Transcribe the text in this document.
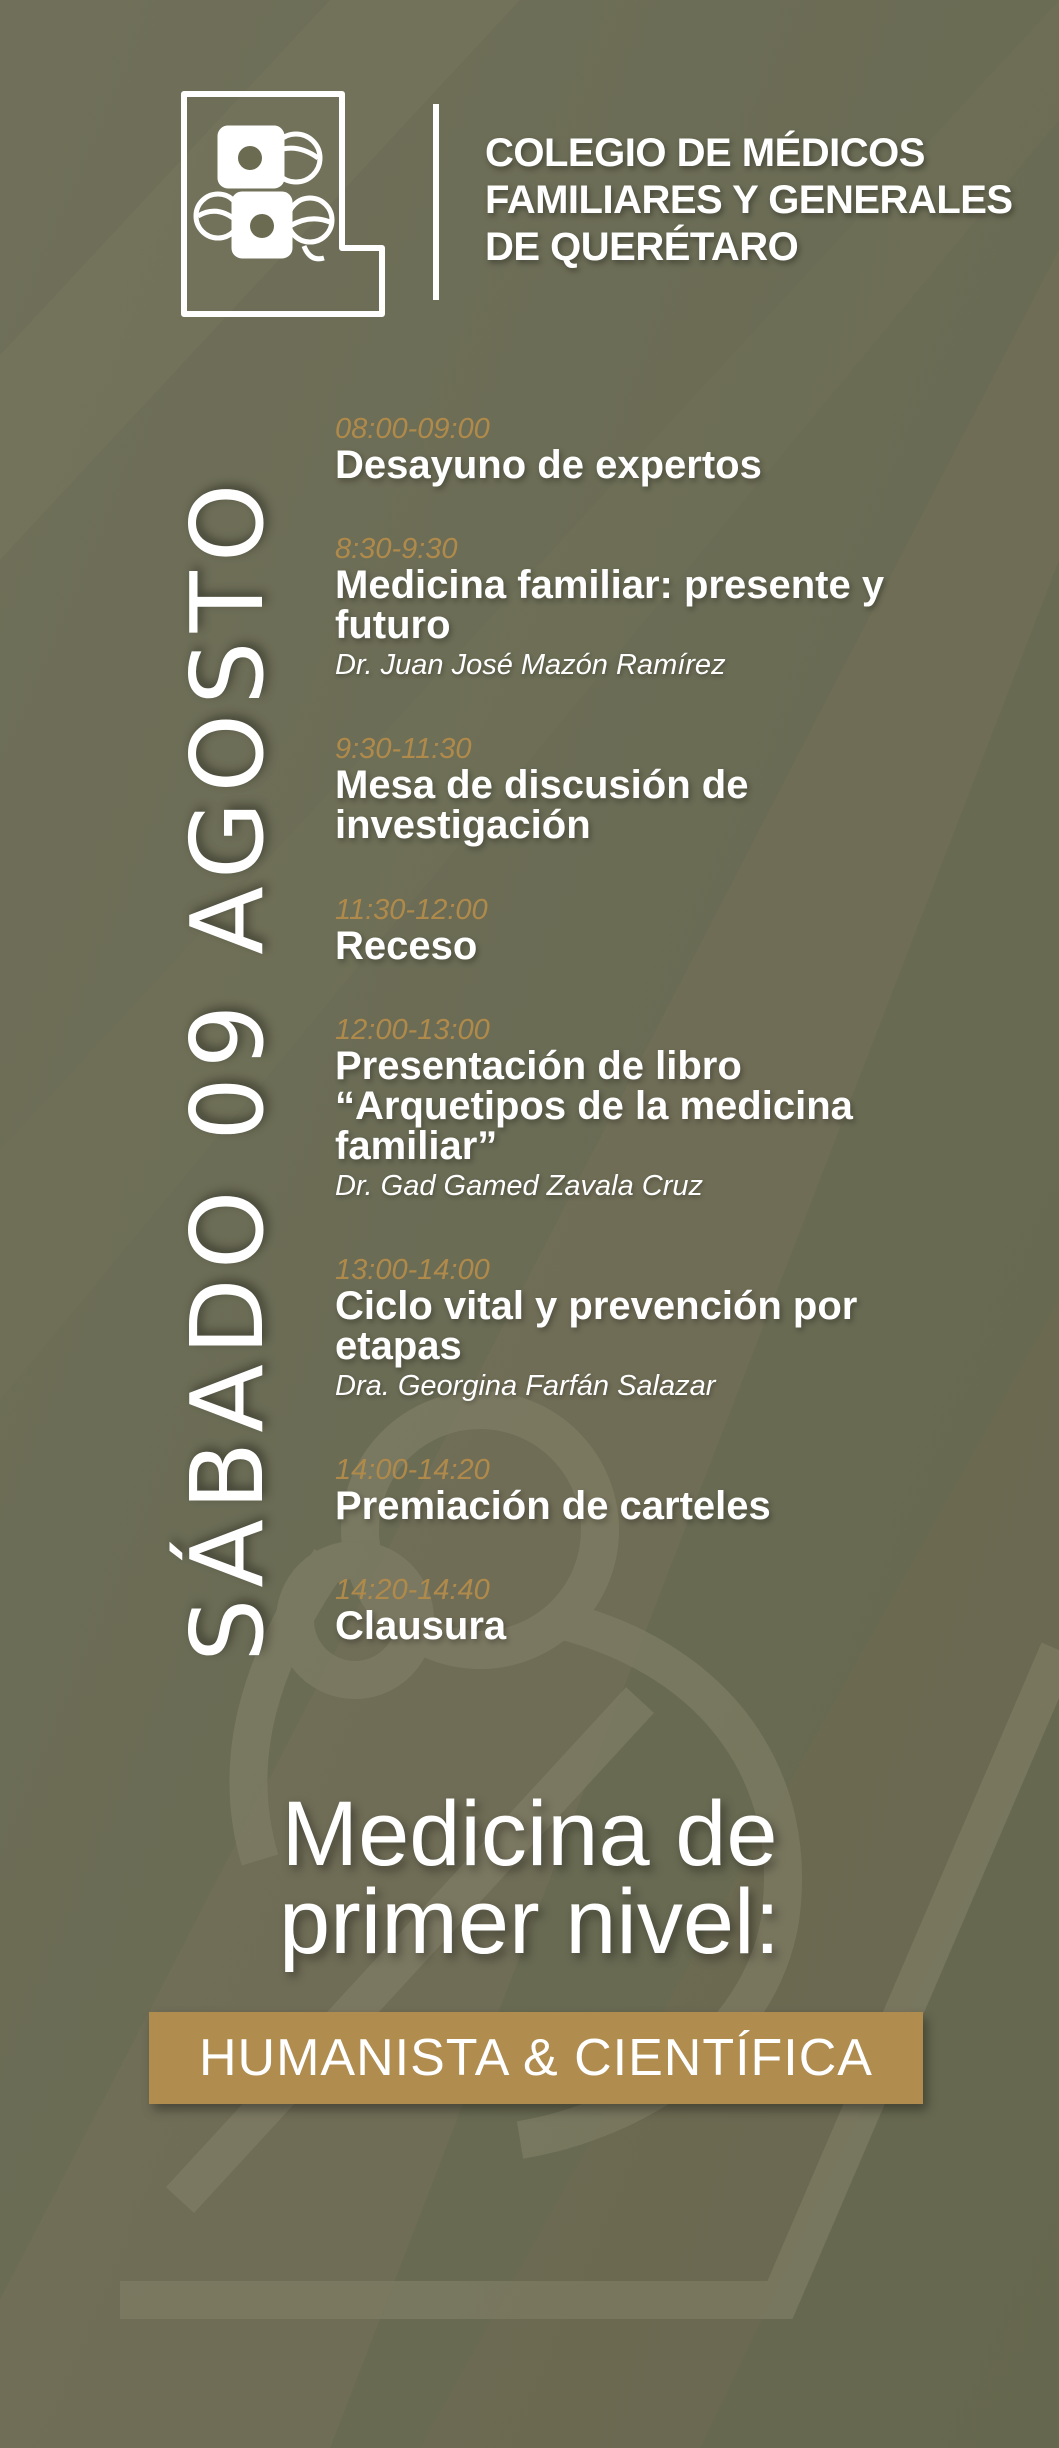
COLEGIO DE MÉDICOS
FAMILIARES Y GENERALES
DE QUERÉTARO
SÁBADO 09 AGOSTO
08:00-09:00
Desayuno de expertos
8:30-9:30
Medicina familiar: presente y
futuro
Dr. Juan José Mazón Ramírez
9:30-11:30
Mesa de discusión de
investigación
11:30-12:00
Receso
12:00-13:00
Presentación de libro
“Arquetipos de la medicina
familiar”
Dr. Gad Gamed Zavala Cruz
13:00-14:00
Ciclo vital y prevención por
etapas
Dra. Georgina Farfán Salazar
14:00-14:20
Premiación de carteles
14:20-14:40
Clausura
Medicina de
primer nivel:
HUMANISTA & CIENTÍFICA
